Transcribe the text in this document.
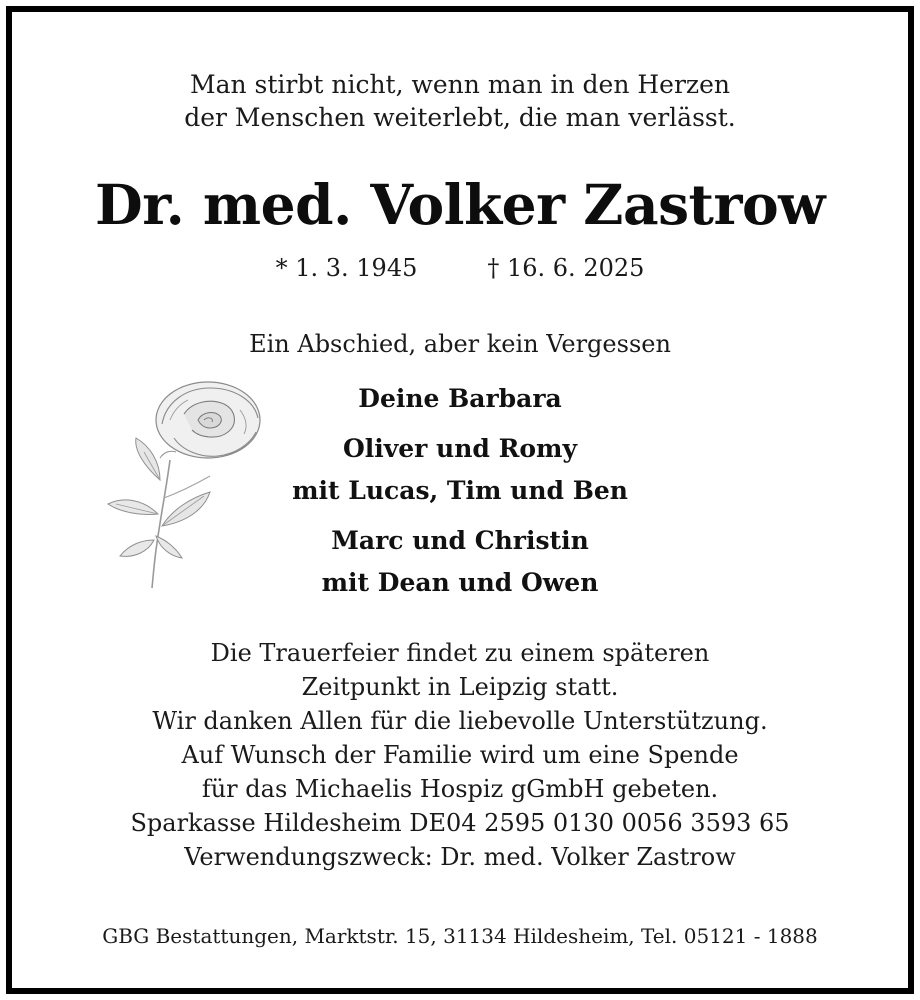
Man stirbt nicht, wenn man in den Herzen
der Menschen weiterlebt, die man verlässt.
Dr. med. Volker Zastrow
* 1. 3. 1945	† 16. 6. 2025
Ein Abschied, aber kein Vergessen
Deine Barbara
Oliver und Romy
mit Lucas, Tim und Ben
Marc und Christin
mit Dean und Owen
Die Trauerfeier findet zu einem späteren
Zeitpunkt in Leipzig statt.
Wir danken Allen für die liebevolle Unterstützung.
Auf Wunsch der Familie wird um eine Spende
für das Michaelis Hospiz gGmbH gebeten.
Sparkasse Hildesheim DE04 2595 0130 0056 3593 65
Verwendungszweck: Dr. med. Volker Zastrow
GBG Bestattungen, Marktstr. 15, 31134 Hildesheim, Tel. 05121 - 1888
